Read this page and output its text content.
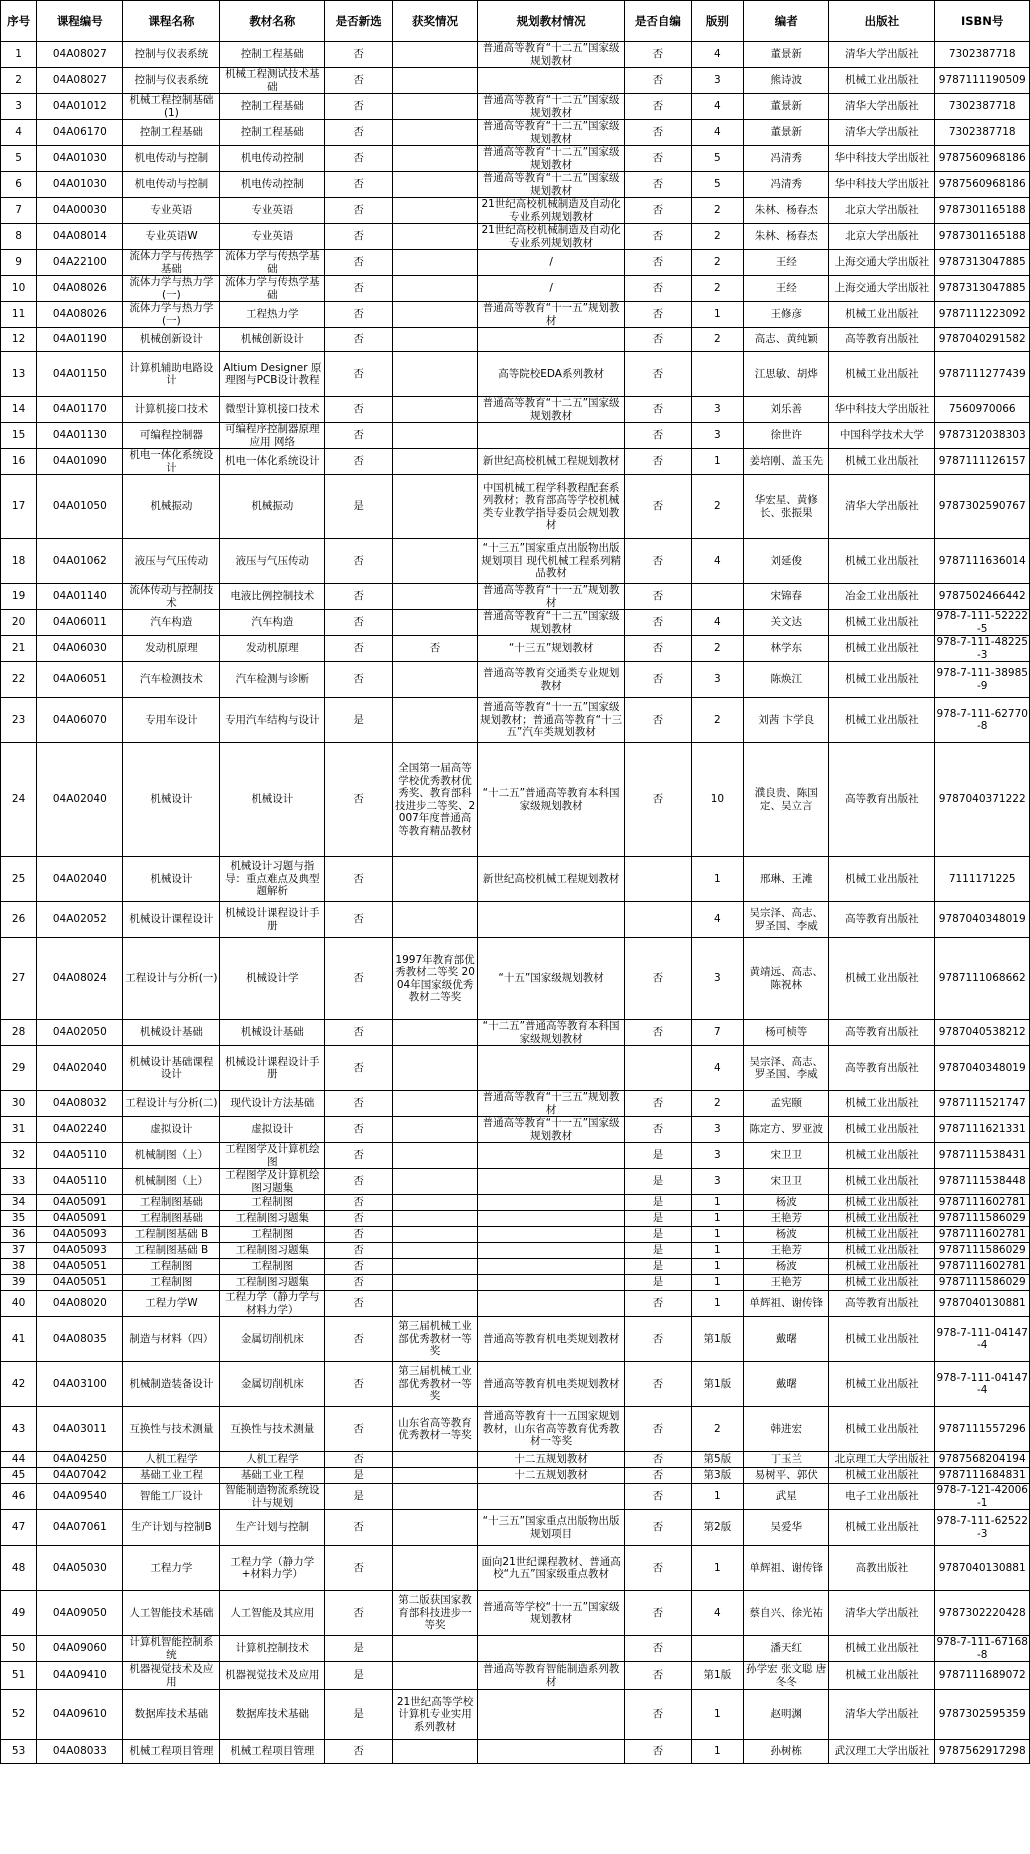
序号	课程编号	课程名称	教材名称	是否新选	获奖情况	规划教材情况	是否自编	版别	编者	出版社	ISBN号
1	04A08027	控制与仪表系统	控制工程基础	否		普通高等教育“十二五”国家级规划教材	否	4	董景新	清华大学出版社	7302387718
2	04A08027	控制与仪表系统	机械工程测试技术基础	否			否	3	熊诗波	机械工业出版社	9787111190509
3	04A01012	机械工程控制基础(1)	控制工程基础	否		普通高等教育“十二五”国家级规划教材	否	4	董景新	清华大学出版社	7302387718
4	04A06170	控制工程基础	控制工程基础	否		普通高等教育“十二五”国家级规划教材	否	4	董景新	清华大学出版社	7302387718
5	04A01030	机电传动与控制	机电传动控制	否		普通高等教育“十二五”国家级规划教材	否	5	冯清秀	华中科技大学出版社	9787560968186
6	04A01030	机电传动与控制	机电传动控制	否		普通高等教育“十二五”国家级规划教材	否	5	冯清秀	华中科技大学出版社	9787560968186
7	04A00030	专业英语	专业英语	否		21世纪高校机械制造及自动化专业系列规划教材	否	2	朱林、杨春杰	北京大学出版社	9787301165188
8	04A08014	专业英语W	专业英语	否		21世纪高校机械制造及自动化专业系列规划教材	否	2	朱林、杨春杰	北京大学出版社	9787301165188
9	04A22100	流体力学与传热学基础	流体力学与传热学基础	否		/	否	2	王经	上海交通大学出版社	9787313047885
10	04A08026	流体力学与热力学(一)	流体力学与传热学基础	否		/	否	2	王经	上海交通大学出版社	9787313047885
11	04A08026	流体力学与热力学(一)	工程热力学	否		普通高等教育“十一五”规划教材	否	1	王修彦	机械工业出版社	9787111223092
12	04A01190	机械创新设计	机械创新设计	否			否	2	高志、黄纯颖	高等教育出版社	9787040291582
13	04A01150	计算机辅助电路设计	Altium Designer 原理图与PCB设计教程	否		高等院校EDA系列教材	否		江思敏、胡烨	机械工业出版社	9787111277439
14	04A01170	计算机接口技术	微型计算机接口技术	否		普通高等教育“十二五”国家级规划教材	否	3	刘乐善	华中科技大学出版社	7560970066
15	04A01130	可编程控制器	可编程序控制器原理 应用 网络	否			否	3	徐世许	中国科学技术大学	9787312038303
16	04A01090	机电一体化系统设计	机电一体化系统设计	否		新世纪高校机械工程规划教材	否	1	姜培刚、盖玉先	机械工业出版社	9787111126157
17	04A01050	机械振动	机械振动	是		中国机械工程学科教程配套系列教材；教育部高等学校机械类专业教学指导委员会规划教材	否	2	华宏星、黄修长、张振果	清华大学出版社	9787302590767
18	04A01062	液压与气压传动	液压与气压传动	否		“十三五”国家重点出版物出版规划项目 现代机械工程系列精品教材	否	4	刘延俊	机械工业出版社	9787111636014
19	04A01140	流体传动与控制技术	电液比例控制技术	否		普通高等教育“十一五”规划教材	否		宋锦春	冶金工业出版社	9787502466442
20	04A06011	汽车构造	汽车构造	否		普通高等教育“十二五”国家级规划教材	否	4	关文达	机械工业出版社	978-7-111-52222-5
21	04A06030	发动机原理	发动机原理	否	否	“十三五”规划教材	否	2	林学东	机械工业出版社	978-7-111-48225-3
22	04A06051	汽车检测技术	汽车检测与诊断	否		普通高等教育交通类专业规划教材	否	3	陈焕江	机械工业出版社	978-7-111-38985-9
23	04A06070	专用车设计	专用汽车结构与设计	是		普通高等教育“十一五”国家级规划教材；普通高等教育“十三五”汽车类规划教材	否	2	刘茜 卞学良	机械工业出版社	978-7-111-62770-8
24	04A02040	机械设计	机械设计	否	全国第一届高等学校优秀教材优秀奖、教育部科技进步二等奖、2007年度普通高等教育精品教材	“十二五”普通高等教育本科国家级规划教材	否	10	濮良贵、陈国定、吴立言	高等教育出版社	9787040371222
25	04A02040	机械设计	机械设计习题与指导：重点难点及典型题解析	否		新世纪高校机械工程规划教材		1	邢琳、王滩	机械工业出版社	7111171225
26	04A02052	机械设计课程设计	机械设计课程设计手册	否				4	吴宗泽、高志、罗圣国、李威	高等教育出版社	9787040348019
27	04A08024	工程设计与分析(一)	机械设计学	否	1997年教育部优秀教材二等奖 2004年国家级优秀教材二等奖	“十五”国家级规划教材	否	3	黄靖远、高志、陈祝林	机械工业出版社	9787111068662
28	04A02050	机械设计基础	机械设计基础	否		“十二五”普通高等教育本科国家级规划教材	否	7	杨可桢等	高等教育出版社	9787040538212
29	04A02040	机械设计基础课程设计	机械设计课程设计手册	否				4	吴宗泽、高志、罗圣国、李威	高等教育出版社	9787040348019
30	04A08032	工程设计与分析(二)	现代设计方法基础	否		普通高等教育“十三五”规划教材	否	2	孟宪颐	机械工业出版社	9787111521747
31	04A02240	虚拟设计	虚拟设计	否		普通高等教育“十一五”国家级规划教材	否	3	陈定方、罗亚波	机械工业出版社	9787111621331
32	04A05110	机械制图（上）	工程图学及计算机绘图	否			是	3	宋卫卫	机械工业出版社	9787111538431
33	04A05110	机械制图（上）	工程图学及计算机绘图习题集	否			是	3	宋卫卫	机械工业出版社	9787111538448
34	04A05091	工程制图基础	工程制图	否			是	1	杨波	机械工业出版社	9787111602781
35	04A05091	工程制图基础	工程制图习题集	否			是	1	王艳芳	机械工业出版社	9787111586029
36	04A05093	工程制图基础 B	工程制图	否			是	1	杨波	机械工业出版社	9787111602781
37	04A05093	工程制图基础 B	工程制图习题集	否			是	1	王艳芳	机械工业出版社	9787111586029
38	04A05051	工程制图	工程制图	否			是	1	杨波	机械工业出版社	9787111602781
39	04A05051	工程制图	工程制图习题集	否			是	1	王艳芳	机械工业出版社	9787111586029
40	04A08020	工程力学W	工程力学（静力学与材料力学）	否			否	1	单辉祖、谢传锋	高等教育出版社	9787040130881
41	04A08035	制造与材料（四）	金属切削机床	否	第三届机械工业部优秀教材一等奖	普通高等教育机电类规划教材	否	第1版	戴曙	机械工业出版社	978-7-111-04147-4
42	04A03100	机械制造装备设计	金属切削机床	否	第三届机械工业部优秀教材一等奖	普通高等教育机电类规划教材	否	第1版	戴曙	机械工业出版社	978-7-111-04147-4
43	04A03011	互换性与技术测量	互换性与技术测量	否	山东省高等教育优秀教材一等奖	普通高等教育十一五国家规划教材，山东省高等教育优秀教材一等奖	否	2	韩进宏	机械工业出版社	9787111557296
44	04A04250	人机工程学	人机工程学	否		十二五规划教材	否	第5版	丁玉兰	北京理工大学出版社	9787568204194
45	04A07042	基础工业工程	基础工业工程	是		十二五规划教材	否	第3版	易树平、郭伏	机械工业出版社	9787111684831
46	04A09540	智能工厂设计	智能制造物流系统设计与规划	是			否	1	武星	电子工业出版社	978-7-121-42006-1
47	04A07061	生产计划与控制B	生产计划与控制	否		“十三五”国家重点出版物出版规划项目	否	第2版	吴爱华	机械工业出版社	978-7-111-62522-3
48	04A05030	工程力学	工程力学（静力学+材料力学）	否		面向21世纪课程教材、普通高校“九五”国家级重点教材	否	1	单辉祖、谢传锋	高教出版社	9787040130881
49	04A09050	人工智能技术基础	人工智能及其应用	否	第二版获国家教育部科技进步一等奖	普通高等学校“十一五”国家级规划教材	否	4	蔡自兴、徐光祐	清华大学出版社	9787302220428
50	04A09060	计算机智能控制系统	计算机控制技术	是			否		潘天红	机械工业出版社	978-7-111-67168-8
51	04A09410	机器视觉技术及应用	机器视觉技术及应用	是		普通高等教育智能制造系列教材	否	第1版	孙学宏 张文聪 唐冬冬	机械工业出版社	9787111689072
52	04A09610	数据库技术基础	数据库技术基础	是	21世纪高等学校计算机专业实用系列教材		否	1	赵明渊	清华大学出版社	9787302595359
53	04A08033	机械工程项目管理	机械工程项目管理	否			否	1	孙树栋	武汉理工大学出版社	9787562917298
